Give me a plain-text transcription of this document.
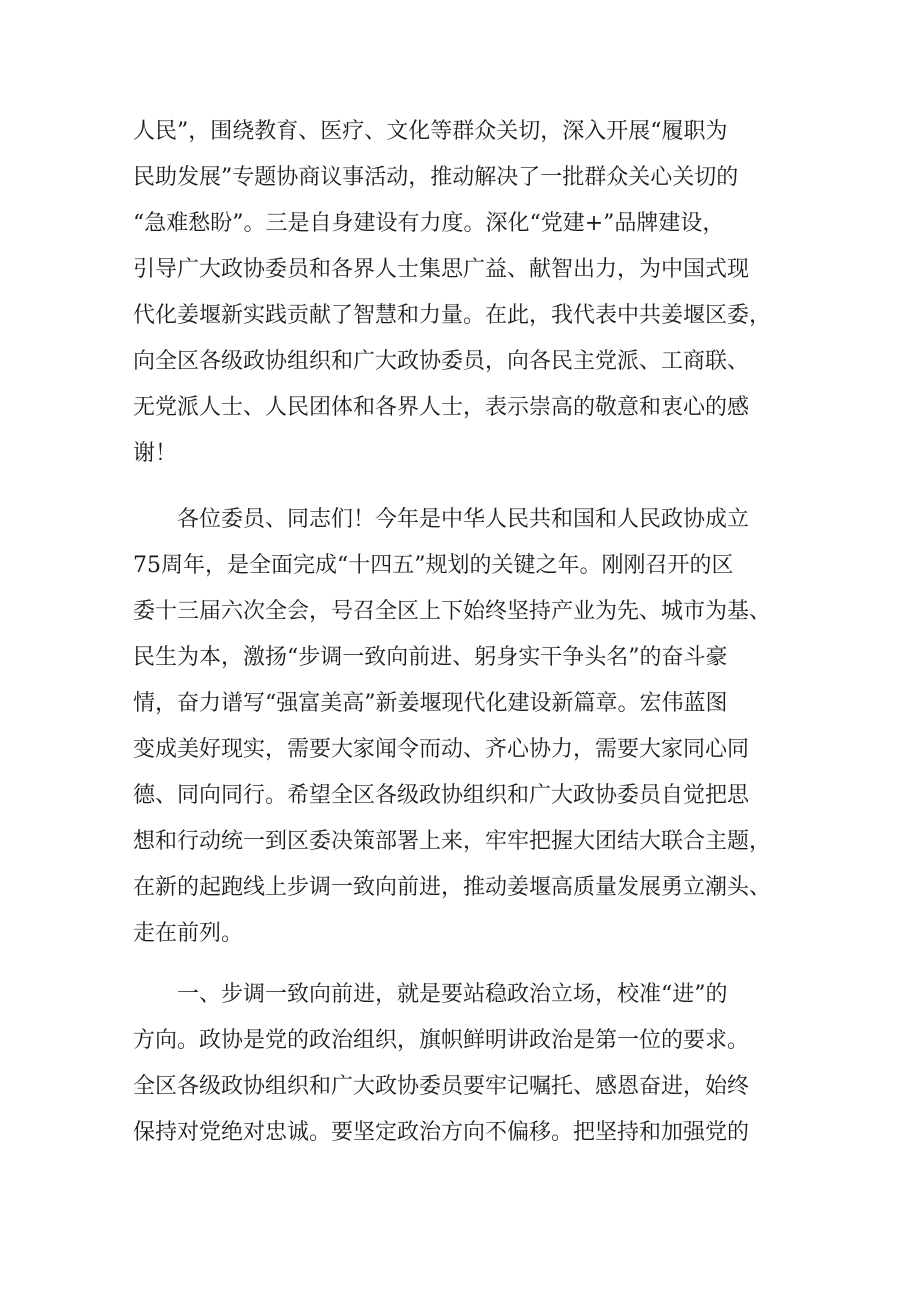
人民”，围绕教育、医疗、文化等群众关切，深入开展“履职为

民助发展”专题协商议事活动，推动解决了一批群众关心关切的

“急难愁盼”。三是自身建设有力度。深化“党建+”品牌建设，

引导广大政协委员和各界人士集思广益、献智出力，为中国式现

代化姜堰新实践贡献了智慧和力量。在此，我代表中共姜堰区委，

向全区各级政协组织和广大政协委员，向各民主党派、工商联、

无党派人士、人民团体和各界人士，表示崇高的敬意和衷心的感

谢！

各位委员、同志们！今年是中华人民共和国和人民政协成立

75周年，是全面完成“十四五”规划的关键之年。刚刚召开的区

委十三届六次全会，号召全区上下始终坚持产业为先、城市为基、

民生为本，激扬“步调一致向前进、躬身实干争头名”的奋斗豪

情，奋力谱写“强富美高”新姜堰现代化建设新篇章。宏伟蓝图

变成美好现实，需要大家闻令而动、齐心协力，需要大家同心同

德、同向同行。希望全区各级政协组织和广大政协委员自觉把思

想和行动统一到区委决策部署上来，牢牢把握大团结大联合主题，

在新的起跑线上步调一致向前进，推动姜堰高质量发展勇立潮头、

走在前列。

一、步调一致向前进，就是要站稳政治立场，校准“进”的

方向。政协是党的政治组织，旗帜鲜明讲政治是第一位的要求。

全区各级政协组织和广大政协委员要牢记嘱托、感恩奋进，始终

保持对党绝对忠诚。要坚定政治方向不偏移。把坚持和加强党的
